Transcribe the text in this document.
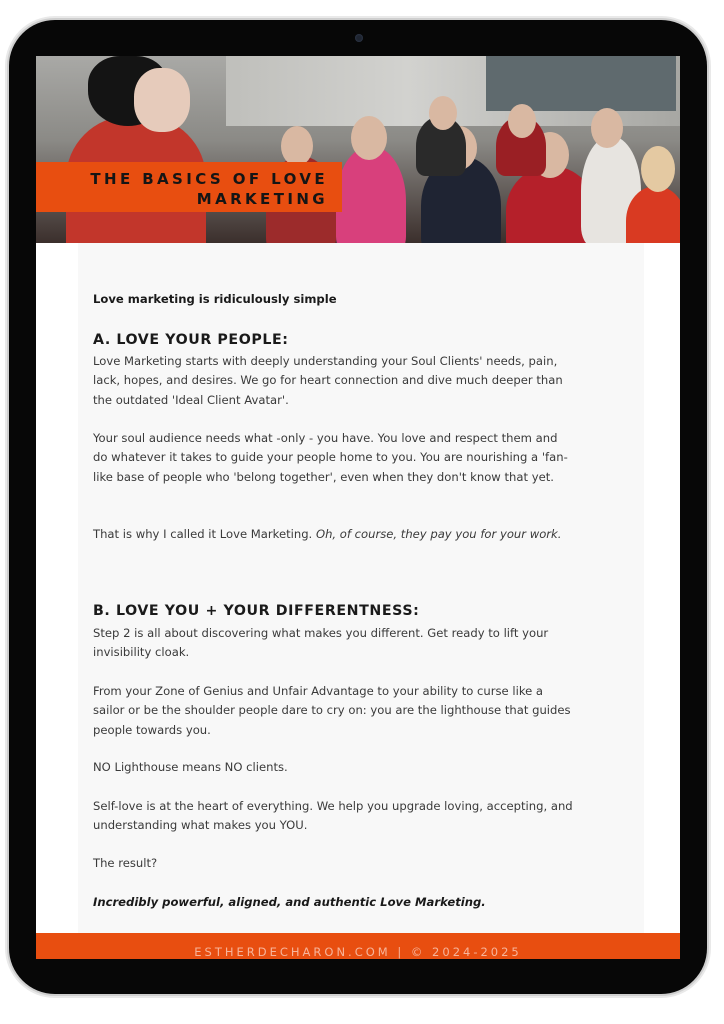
THE BASICS OF LOVE
MARKETING
Love marketing is ridiculously simple
A. LOVE YOUR PEOPLE:
Love Marketing starts with deeply understanding your Soul Clients' needs, pain, lack, hopes, and desires. We go for heart connection and dive much deeper than the outdated 'Ideal Client Avatar'.
Your soul audience needs what -only - you have. You love and respect them and do whatever it takes to guide your people home to you. You are nourishing a 'fan-like base of people who 'belong together', even when they don't know that yet.
That is why I called it Love Marketing. Oh, of course, they pay you for your work.
B. LOVE YOU + YOUR DIFFERENTNESS:
Step 2 is all about discovering what makes you different. Get ready to lift your invisibility cloak.
From your Zone of Genius and Unfair Advantage to your ability to curse like a sailor or be the shoulder people dare to cry on: you are the lighthouse that guides people towards you.
NO Lighthouse means NO clients.
Self-love is at the heart of everything. We help you upgrade loving, accepting, and understanding what makes you YOU.
The result?
Incredibly powerful, aligned, and authentic Love Marketing.
ESTHERDECHARON.COM | © 2024-2025
